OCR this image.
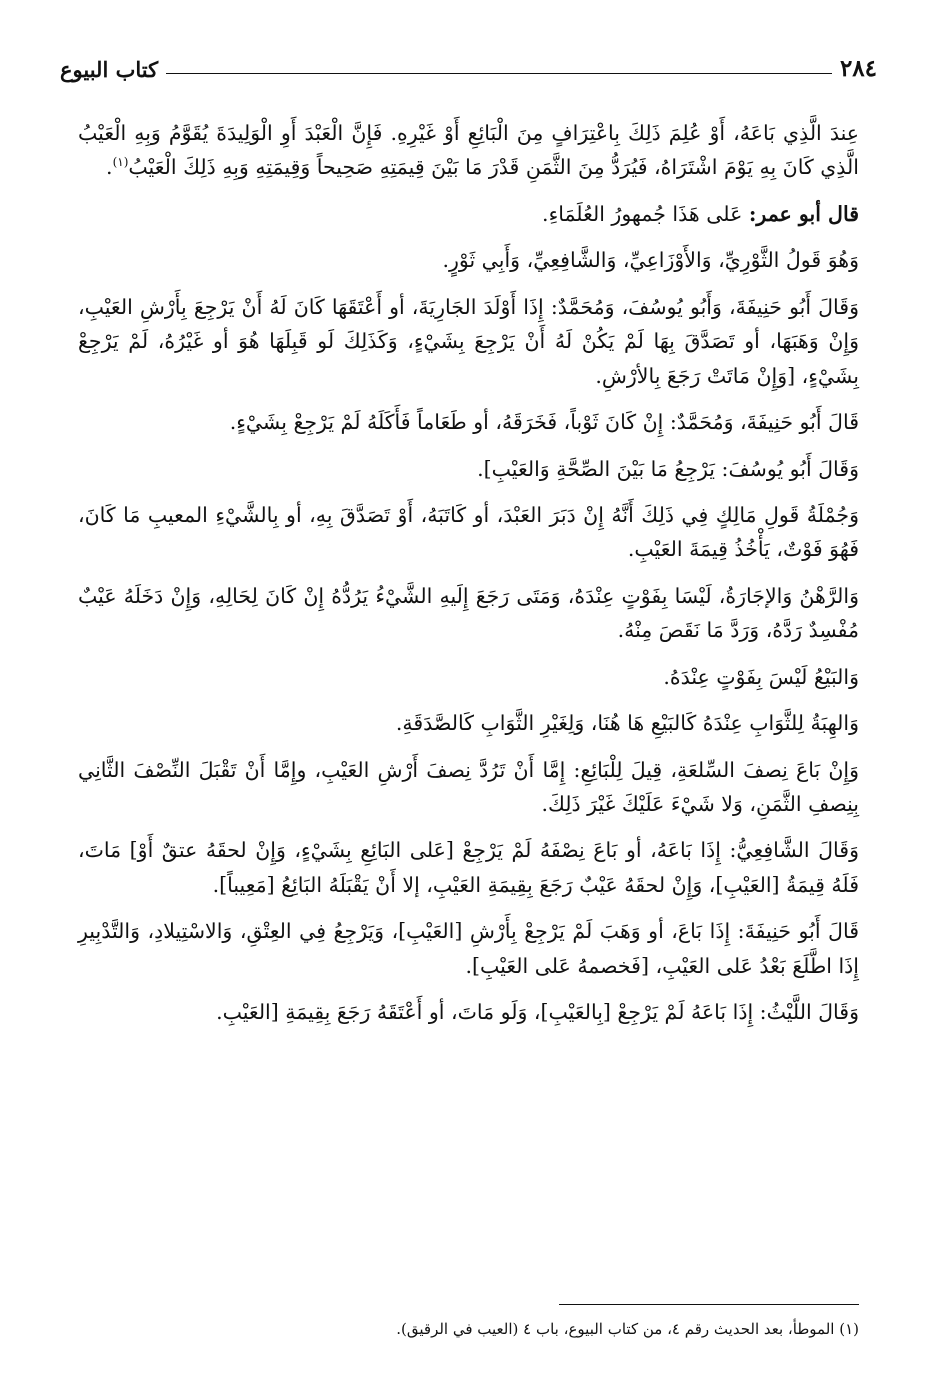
٢٨٤
كتاب البيوع

عِندَ الَّذِي بَاعَهُ، أَوْ عُلِمَ ذَلِكَ بِاعْتِرَافٍ مِنَ الْبَائِعِ أَوْ غَيْرِهِ. فَإِنَّ الْعَبْدَ أَوِ الْوَلِيدَةَ يُقَوَّمُ وَبِهِ الْعَيْبُ الَّذِي كَانَ بِهِ يَوْمَ اشْتَرَاهُ، فَيُرَدُّ مِنَ الثَّمَنِ قَدْرَ مَا بَيْنَ قِيمَتِهِ صَحِيحاً وَقِيمَتِهِ وَبِهِ ذَلِكَ الْعَيْبُ$^{(١)}$.

قال أبو عمر: عَلى هَذَا جُمهورُ العُلَمَاءِ.

وَهُوَ قَولُ الثَّوْرِيِّ، وَالأَوْزَاعِيِّ، وَالشَّافِعِيِّ، وَأَبِي ثَوْرٍ.

وَقَالَ أَبُو حَنِيفَةَ، وَأَبُو يُوسُفَ، وَمُحَمَّدٌ: إِذَا أَوْلَدَ الجَارِيَةَ، أو أَعْتَقَهَا كَانَ لَهُ أَنْ يَرْجِعَ بِأَرْشِ العَيْبِ، وَإِنْ وَهَبَهَا، أو تَصَدَّقَ بِهَا لَمْ يَكُنْ لَهُ أَنْ يَرْجِعَ بِشَيْءٍ، وَكَذَلِكَ لَو قَبِلَهَا هُوَ أو غَيْرُهُ، لَمْ يَرْجِعْ بِشَيْءٍ، [وَإِنْ مَاتَتْ رَجَعَ بِالأرْشِ.

قَالَ أَبُو حَنِيفَةَ، وَمُحَمَّدٌ: إِنْ كَانَ ثَوْباً، فَخَرَقَهُ، أو طَعَاماً فَأَكَلَهُ لَمْ يَرْجِعْ بِشَيْءٍ.

وَقَالَ أَبُو يُوسُفَ: يَرْجِعُ مَا بَيْنَ الصِّحَّةِ وَالعَيْبِ].

وَجُمْلَةُ قَولِ مَالِكٍ فِي ذَلِكَ أَنَّهُ إِنْ دَبَرَ العَبْدَ، أو كَاتَبَهُ، أَوْ تَصَدَّقَ بِهِ، أو بِالشَّيْءِ المعيبِ مَا كَانَ، فَهُوَ فَوْتٌ، يَأْخُذُ قِيمَةَ العَيْبِ.

وَالرَّهْنُ وَالإجَارَةُ، لَيْسَا بِفَوْتٍ عِنْدَهُ، وَمَتَى رَجَعَ إِلَيهِ الشَّيْءُ يَرُدُّهُ إِنْ كَانَ لِحَالِهِ، وَإِنْ دَخَلَهُ عَيْبٌ مُفْسِدٌ رَدَّهُ، وَرَدَّ مَا نَقَصَ مِنْهُ.

وَالبَيْعُ لَيْسَ بِفَوْتٍ عِنْدَهُ.

وَالهِبَةُ لِلثَّوَابِ عِنْدَهُ كَالبَيْعِ هَا هُنَا، وَلِغَيْرِ الثَّوَابِ كَالصَّدَقَةِ.

وَإِنْ بَاعَ نِصفَ السِّلعَةِ، قِيلَ لِلْبَائِعِ: إِمَّا أَنْ تَرُدَّ نِصفَ أَرْشِ العَيْبِ، وإِمَّا أَنْ تَقْبَلَ النِّصْفَ الثَّانِي بِنِصفِ الثَّمَنِ، وَلا شَيْءَ عَلَيْكَ غَيْرَ ذَلِكَ.

وَقَالَ الشَّافِعِيُّ: إِذَا بَاعَهُ، أو بَاعَ نِصْفَهُ لَمْ يَرْجِعْ [عَلى البَائِعِ بِشَيْءٍ، وَإِنْ لحقَهُ عتقٌ أَوْ] مَاتَ، فَلَهُ قِيمَةُ [العَيْبِ]، وَإِنْ لحقَهُ عَيْبٌ رَجَعَ بِقِيمَةِ العَيْبِ، إلا أَنْ يَقْبَلَهُ البَائِعُ [مَعِيباً].

قَالَ أَبُو حَنِيفَةَ: إِذَا بَاعَ، أو وَهَبَ لَمْ يَرْجِعْ بِأَرْشِ [العَيْبِ]، وَيَرْجِعُ فِي العِتْقِ، وَالاسْتِيلادِ، وَالتَّدْبِيرِ إِذَا اطَّلَعَ بَعْدُ عَلى العَيْبِ، [فَخصمهُ عَلى العَيْبِ].

وَقَالَ اللَّيْثُ: إِذَا بَاعَهُ لَمْ يَرْجِعْ [بِالعَيْبِ]، وَلَو مَاتَ، أو أَعْتَقَهُ رَجَعَ بِقِيمَةِ [العَيْبِ.

(١) الموطأ، بعد الحديث رقم ٤، من كتاب البيوع، باب ٤ (العيب في الرقيق).
